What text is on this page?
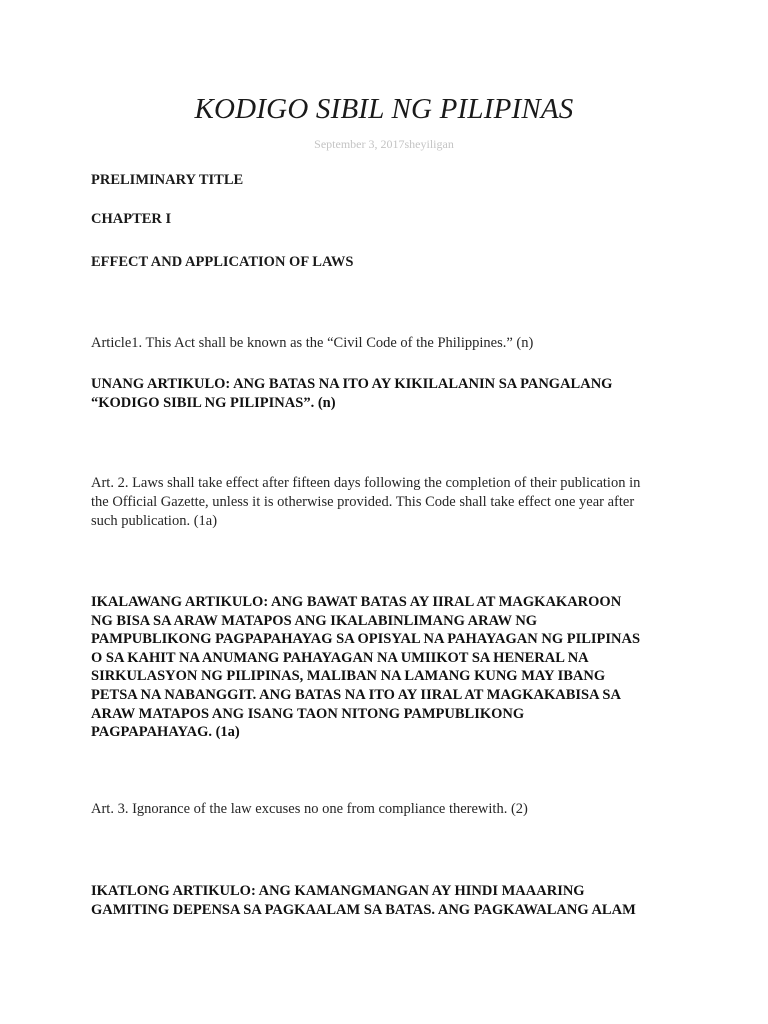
KODIGO SIBIL NG PILIPINAS
September 3, 2017sheyiligan
PRELIMINARY TITLE
CHAPTER I
EFFECT AND APPLICATION OF LAWS
Article1. This Act shall be known as the “Civil Code of the Philippines.” (n)
UNANG ARTIKULO: ANG BATAS NA ITO AY KIKILALANIN SA PANGALANG
“KODIGO SIBIL NG PILIPINAS”. (n)
Art. 2. Laws shall take effect after fifteen days following the completion of their publication in
the Official Gazette, unless it is otherwise provided. This Code shall take effect one year after
such publication. (1a)
IKALAWANG ARTIKULO: ANG BAWAT BATAS AY IIRAL AT MAGKAKAROON
NG BISA SA ARAW MATAPOS ANG IKALABINLIMANG ARAW NG
PAMPUBLIKONG PAGPAPAHAYAG SA OPISYAL NA PAHAYAGAN NG PILIPINAS
O SA KAHIT NA ANUMANG PAHAYAGAN NA UMIIKOT SA HENERAL NA
SIRKULASYON NG PILIPINAS, MALIBAN NA LAMANG KUNG MAY IBANG
PETSA NA NABANGGIT. ANG BATAS NA ITO AY IIRAL AT MAGKAKABISA SA
ARAW MATAPOS ANG ISANG TAON NITONG PAMPUBLIKONG
PAGPAPAHAYAG. (1a)
Art. 3. Ignorance of the law excuses no one from compliance therewith. (2)
IKATLONG ARTIKULO: ANG KAMANGMANGAN AY HINDI MAAARING
GAMITING DEPENSA SA PAGKAALAM SA BATAS. ANG PAGKAWALANG ALAM
